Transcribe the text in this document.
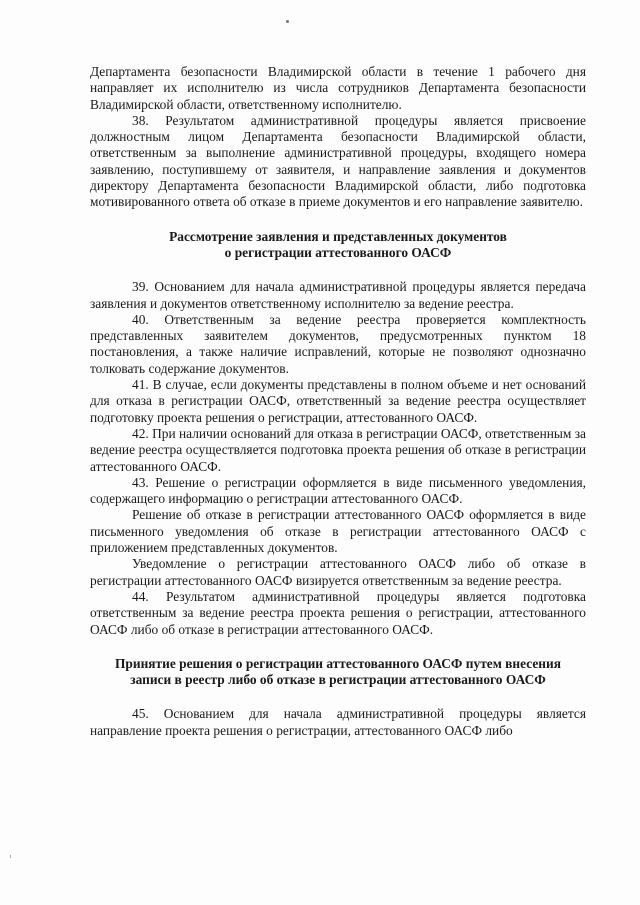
Департамента безопасности Владимирской области в течение 1 рабочего дня направляет их исполнителю из числа сотрудников Департамента безопасности Владимирской области, ответственному исполнителю.

38. Результатом административной процедуры является присвоение должностным лицом Департамента безопасности Владимирской области, ответственным за выполнение административной процедуры, входящего номера заявлению, поступившему от заявителя, и направление заявления и документов директору Департамента безопасности Владимирской области, либо подготовка мотивированного ответа об отказе в приеме документов и его направление заявителю.

Рассмотрение заявления и представленных документов

о регистрации аттестованного ОАСФ

39. Основанием для начала административной процедуры является передача заявления и документов ответственному исполнителю за ведение реестра.

40. Ответственным за ведение реестра проверяется комплектность представленных заявителем документов, предусмотренных пунктом 18 постановления, а также наличие исправлений, которые не позволяют однозначно толковать содержание документов.

41. В случае, если документы представлены в полном объеме и нет оснований для отказа в регистрации ОАСФ, ответственный за ведение реестра осуществляет подготовку проекта решения о регистрации, аттестованного ОАСФ.

42. При наличии оснований для отказа в регистрации ОАСФ, ответственным за ведение реестра осуществляется подготовка проекта решения об отказе в регистрации аттестованного ОАСФ.

43. Решение о регистрации оформляется в виде письменного уведомления, содержащего информацию о регистрации аттестованного ОАСФ.

Решение об отказе в регистрации аттестованного ОАСФ оформляется в виде письменного уведомления об отказе в регистрации аттестованного ОАСФ с приложением представленных документов.

Уведомление о регистрации аттестованного ОАСФ либо об отказе в регистрации аттестованного ОАСФ визируется ответственным за ведение реестра.

44. Результатом административной процедуры является подготовка ответственным за ведение реестра проекта решения о регистрации, аттестованного ОАСФ либо об отказе в регистрации аттестованного ОАСФ.

Принятие решения о регистрации аттестованного ОАСФ путем внесения

записи в реестр либо об отказе в регистрации аттестованного ОАСФ

45. Основанием для начала административной процедуры является направление проекта решения о регистрации, аттестованного ОАСФ либо
